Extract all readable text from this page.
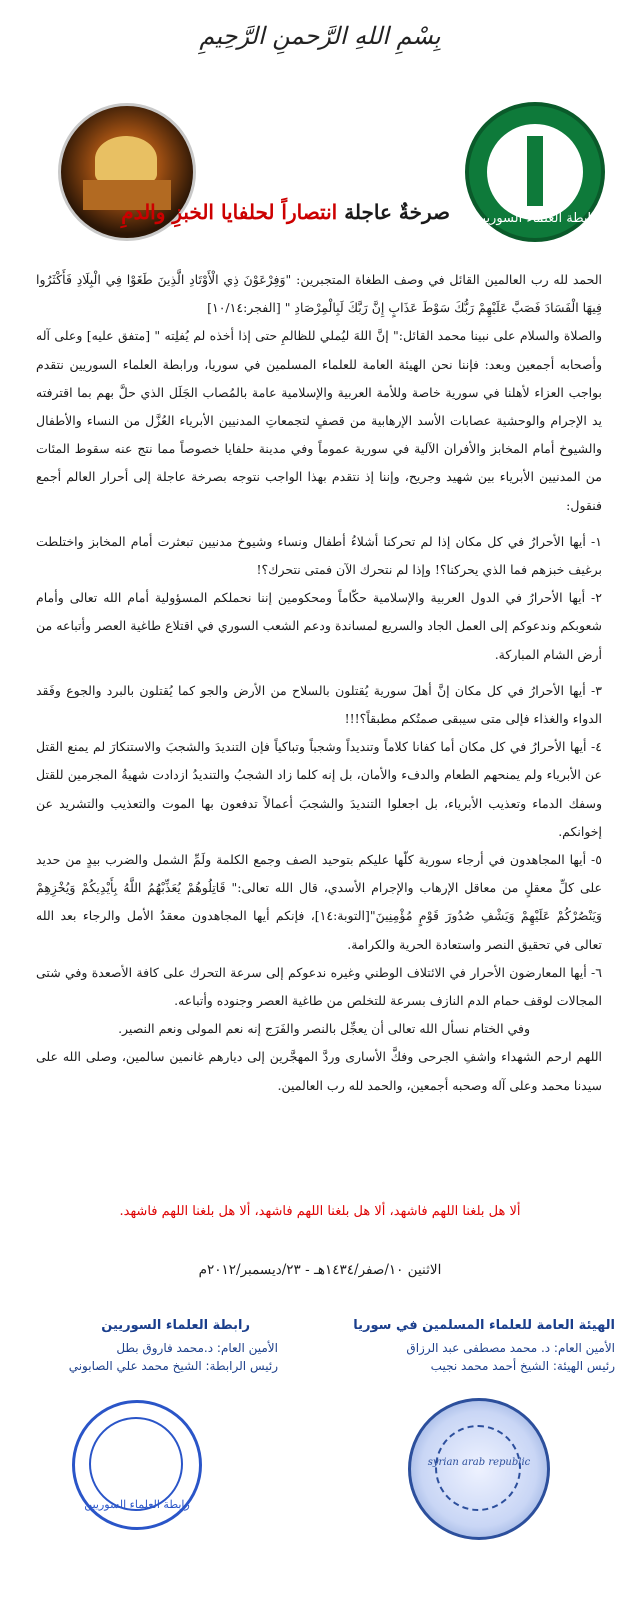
بِسْمِ اللهِ الرَّحمنِ الرَّحِيمِ
رابطة العلماء السوريين
صرخةٌ عاجلة انتصاراً لحلفايا الخبزِ والدمِ

الحمد لله رب العالمين القائل في وصف الطغاة المتجبرين: "وَفِرْعَوْنَ ذِي الْأَوْتَادِ الَّذِينَ طَغَوْا فِي الْبِلَادِ فَأَكْثَرُوا فِيهَا الْفَسَادَ فَصَبَّ عَلَيْهِمْ رَبُّكَ سَوْطَ عَذَابٍ إِنَّ رَبَّكَ لَبِالْمِرْصَادِ " [الفجر:١٠/١٤]

والصلاة والسلام على نبينا محمد القائل:" إنَّ اللهَ ليُملي للظالمِ حتى إذا أخذه لم يُفلِته " [متفق عليه] وعلى آله وأصحابه أجمعين وبعد: فإننا نحن الهيئة العامة للعلماء المسلمين في سوريا، ورابطة العلماء السوريين نتقدم بواجب العزاء لأهلنا في سورية خاصة وللأمة العربية والإسلامية عامة بالمُصاب الجَلَل الذي حلَّ بهم بما اقترفته يد الإجرام والوحشية عصابات الأسد الإرهابية من قصفٍ لتجمعاتِ المدنيين الأبرياء العُزَّل من النساء والأطفال والشيوخ أمام المخابز والأفران الآلية في سورية عموماً وفي مدينة حلفايا خصوصاً مما نتج عنه سقوط المئات من المدنيين الأبرياء بين شهيد وجريح، وإننا إذ نتقدم بهذا الواجب نتوجه بصرخة عاجلة إلى أحرار العالم أجمع فنقول:

١- أيها الأحرارُ في كل مكان إذا لم تحركنا أشلاءُ أطفال ونساء وشيوخ مدنيين تبعثرت أمام المخابز واختلطت برغيف خبزهم فما الذي يحركنا؟! وإذا لم نتحرك الآن فمتى نتحرك؟!

٢- أيها الأحرارُ في الدول العربية والإسلامية حكّاماً ومحكومين إننا نحملكم المسؤولية أمام الله تعالى وأمام شعوبكم وندعوكم إلى العمل الجاد والسريع لمساندة ودعم الشعب السوري في اقتلاع طاغية العصر وأتباعه من أرض الشام المباركة.

٣- أيها الأحرارُ في كل مكان إنَّ أهلَ سورية يُقتلون بالسلاح من الأرض والجو كما يُقتلون بالبرد والجوع وفَقد الدواء والغذاء فإلى متى سيبقى صمتُكم مطبقاً؟!!!

٤- أيها الأحرارُ في كل مكان أما كفانا كلاماً وتنديداً وشجباً وتباكياً فإن التنديدَ والشجبَ والاستنكارَ لم يمنع القتل عن الأبرياء ولم يمنحهم الطعام والدفء والأمان، بل إنه كلما زاد الشجبُ والتنديدُ ازدادت شهيةُ المجرمين للقتل وسفك الدماء وتعذيب الأبرياء، بل اجعلوا التنديدَ والشجبَ أعمالاً تدفعون بها الموت والتعذيب والتشريد عن إخوانكم.

٥- أيها المجاهدون في أرجاء سورية كلّها عليكم بتوحيد الصف وجمع الكلمة ولَمِّ الشمل والضرب بيدٍ من حديد على كلِّ معقلٍ من معاقل الإرهاب والإجرام الأسدي، قال الله تعالى:" قَاتِلُوهُمْ يُعَذِّبْهُمُ اللَّهُ بِأَيْدِيكُمْ وَيُخْزِهِمْ وَيَنْصُرْكُمْ عَلَيْهِمْ وَيَشْفِ صُدُورَ قَوْمٍ مُؤْمِنِينَ"[التوبة:١٤]، فإنكم أيها المجاهدون معقدُ الأمل والرجاء بعد الله تعالى في تحقيق النصر واستعادة الحرية والكرامة.

٦- أيها المعارضون الأحرار في الائتلاف الوطني وغيره ندعوكم إلى سرعة التحرك على كافة الأصعدة وفي شتى المجالات لوقف حمام الدم النازف بسرعة للتخلص من طاغية العصر وجنوده وأتباعه.

وفي الختام نسأل الله تعالى أن يعجِّل بالنصر والفَرَج إنه نعم المولى ونعم النصير.

اللهم ارحم الشهداء واشفِ الجرحى وفكَّ الأسارى وردَّ المهجَّرين إلى ديارهم غانمين سالمين، وصلى الله على سيدنا محمد وعلى آله وصحبه أجمعين، والحمد لله رب العالمين.

ألا هل بلغنا اللهم فاشهد، ألا هل بلغنا اللهم فاشهد، ألا هل بلغنا اللهم فاشهد.
الاثنين ١٠/صفر/١٤٣٤هـ - ٢٣/ديسمبر/٢٠١٢م
الهيئة العامة للعلماء المسلمين في سوريا
الأمين العام: د. محمد مصطفى عبد الرزاق
رئيس الهيئة: الشيخ أحمد محمد نجيب
رابطة العلماء السوريين
الأمين العام: د.محمد فاروق بطل
رئيس الرابطة: الشيخ محمد علي الصابوني
رابطة العلماء السوريين
syrian arab republic
